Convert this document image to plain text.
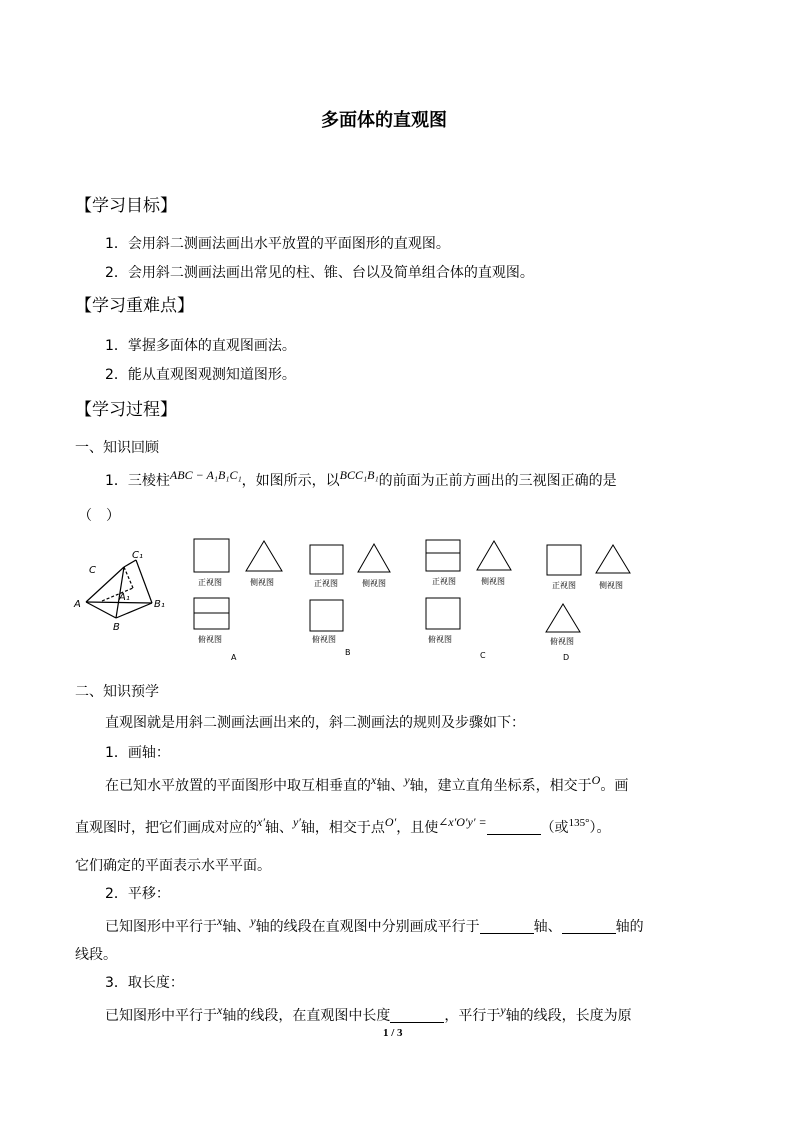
多面体的直观图
【学习目标】
1．会用斜二测画法画出水平放置的平面图形的直观图。
2．会用斜二测画法画出常见的柱、锥、台以及简单组合体的直观图。
【学习重难点】
1．掌握多面体的直观图画法。
2．能从直观图观测知道图形。
【学习过程】
一、知识回顾
1．三棱柱ABC − A₁B₁C₁，如图所示，以BCC₁B₁的前面为正前方画出的三视图正确的是
（　）
C₁
C
A₁
A
B
B₁
正视图	侧视图
俯视图
A
正视图	侧视图
俯视图
B
正视图	侧视图
俯视图
C
正视图	侧视图
俯视图
D
二、知识预学
直观图就是用斜二测画法画出来的，斜二测画法的规则及步骤如下：
1．画轴：
在已知水平放置的平面图形中取互相垂直的x轴、y轴，建立直角坐标系，相交于O。画
直观图时，把它们画成对应的x′轴、y′轴，相交于点O′，且使∠x′O′y′ =	（或$^{135^\circ}$）。
它们确定的平面表示水平平面。
2．平移：
已知图形中平行于x轴、y轴的线段在直观图中分别画成平行于	轴、	轴的
线段。
3．取长度：
已知图形中平行于x轴的线段，在直观图中长度	，平行于y轴的线段，长度为原
1 / 3
